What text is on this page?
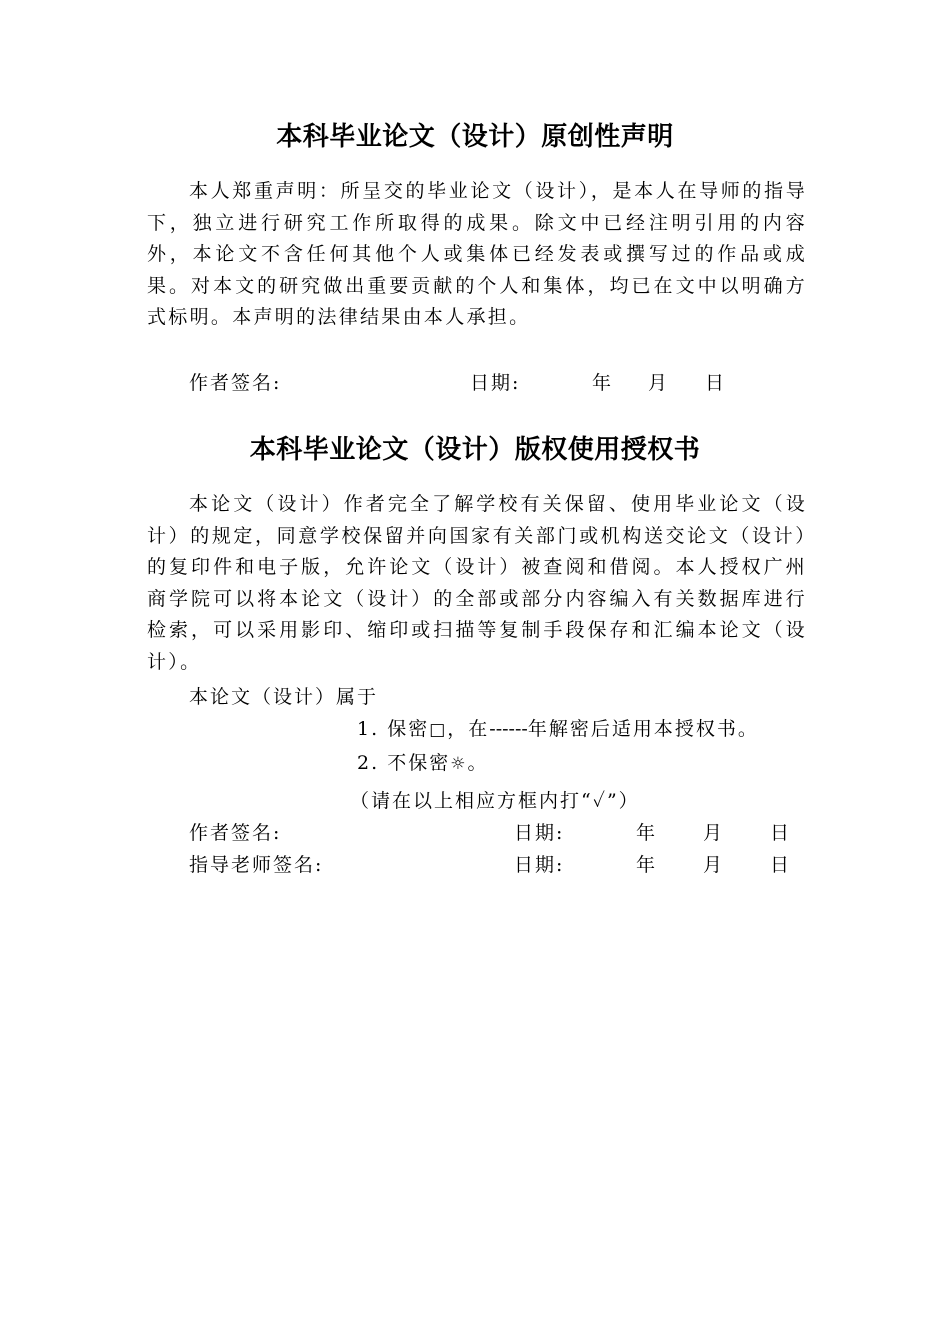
本科毕业论文（设计）原创性声明
本人郑重声明：所呈交的毕业论文（设计），是本人在导师的指导下，独立进行研究工作所取得的成果。除文中已经注明引用的内容外，本论文不含任何其他个人或集体已经发表或撰写过的作品或成果。对本文的研究做出重要贡献的个人和集体，均已在文中以明确方式标明。本声明的法律结果由本人承担。
作者签名:	日期:	年 月 日
本科毕业论文（设计）版权使用授权书
本论文（设计）作者完全了解学校有关保留、使用毕业论文（设计）的规定，同意学校保留并向国家有关部门或机构送交论文（设计）的复印件和电子版，允许论文（设计）被查阅和借阅。本人授权广州商学院可以将本论文（设计）的全部或部分内容编入有关数据库进行检索，可以采用影印、缩印或扫描等复制手段保存和汇编本论文（设计）。
本论文（设计）属于
1. 保密□，在------年解密后适用本授权书。
2. 不保密☼。
（请在以上相应方框内打“✓”）
作者签名:	日期:	年 月 日
指导老师签名:	日期:	年 月 日
